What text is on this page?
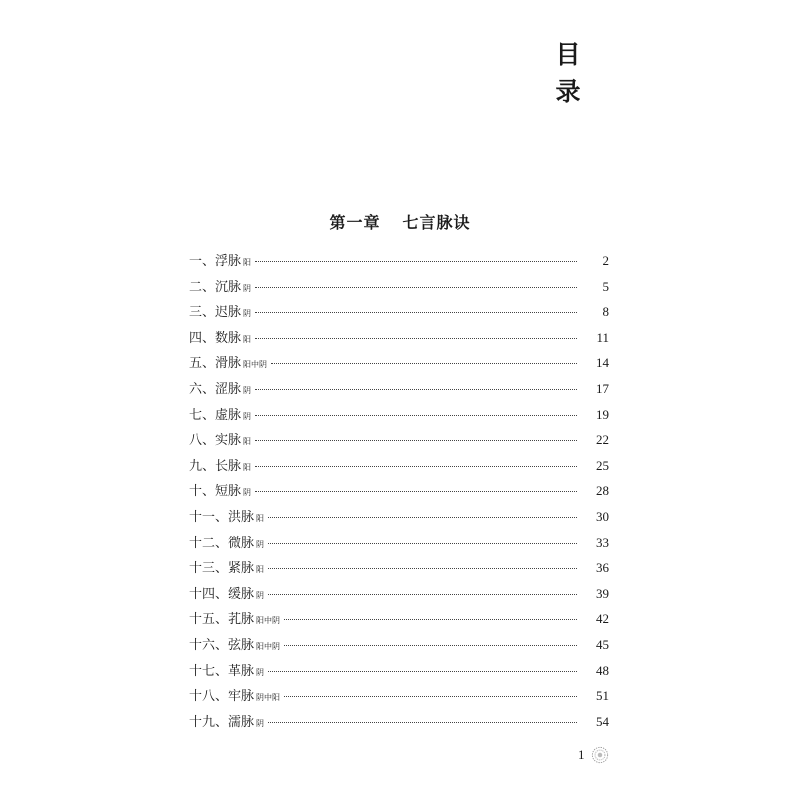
目
录
第一章 七言脉诀
一、 浮脉 阳	2
二、 沉脉 阴	5
三、 迟脉 阴	8
四、 数脉 阳	11
五、 滑脉 阳中阴	14
六、 涩脉 阴	17
七、 虚脉 阴	19
八、 实脉 阳	22
九、 长脉 阳	25
十、 短脉 阴	28
十一、 洪脉 阳	30
十二、 微脉 阴	33
十三、 紧脉 阳	36
十四、 缓脉 阴	39
十五、 芤脉 阳中阴	42
十六、 弦脉 阳中阴	45
十七、 革脉 阴	48
十八、 牢脉 阴中阳	51
十九、 濡脉 阴	54
1
